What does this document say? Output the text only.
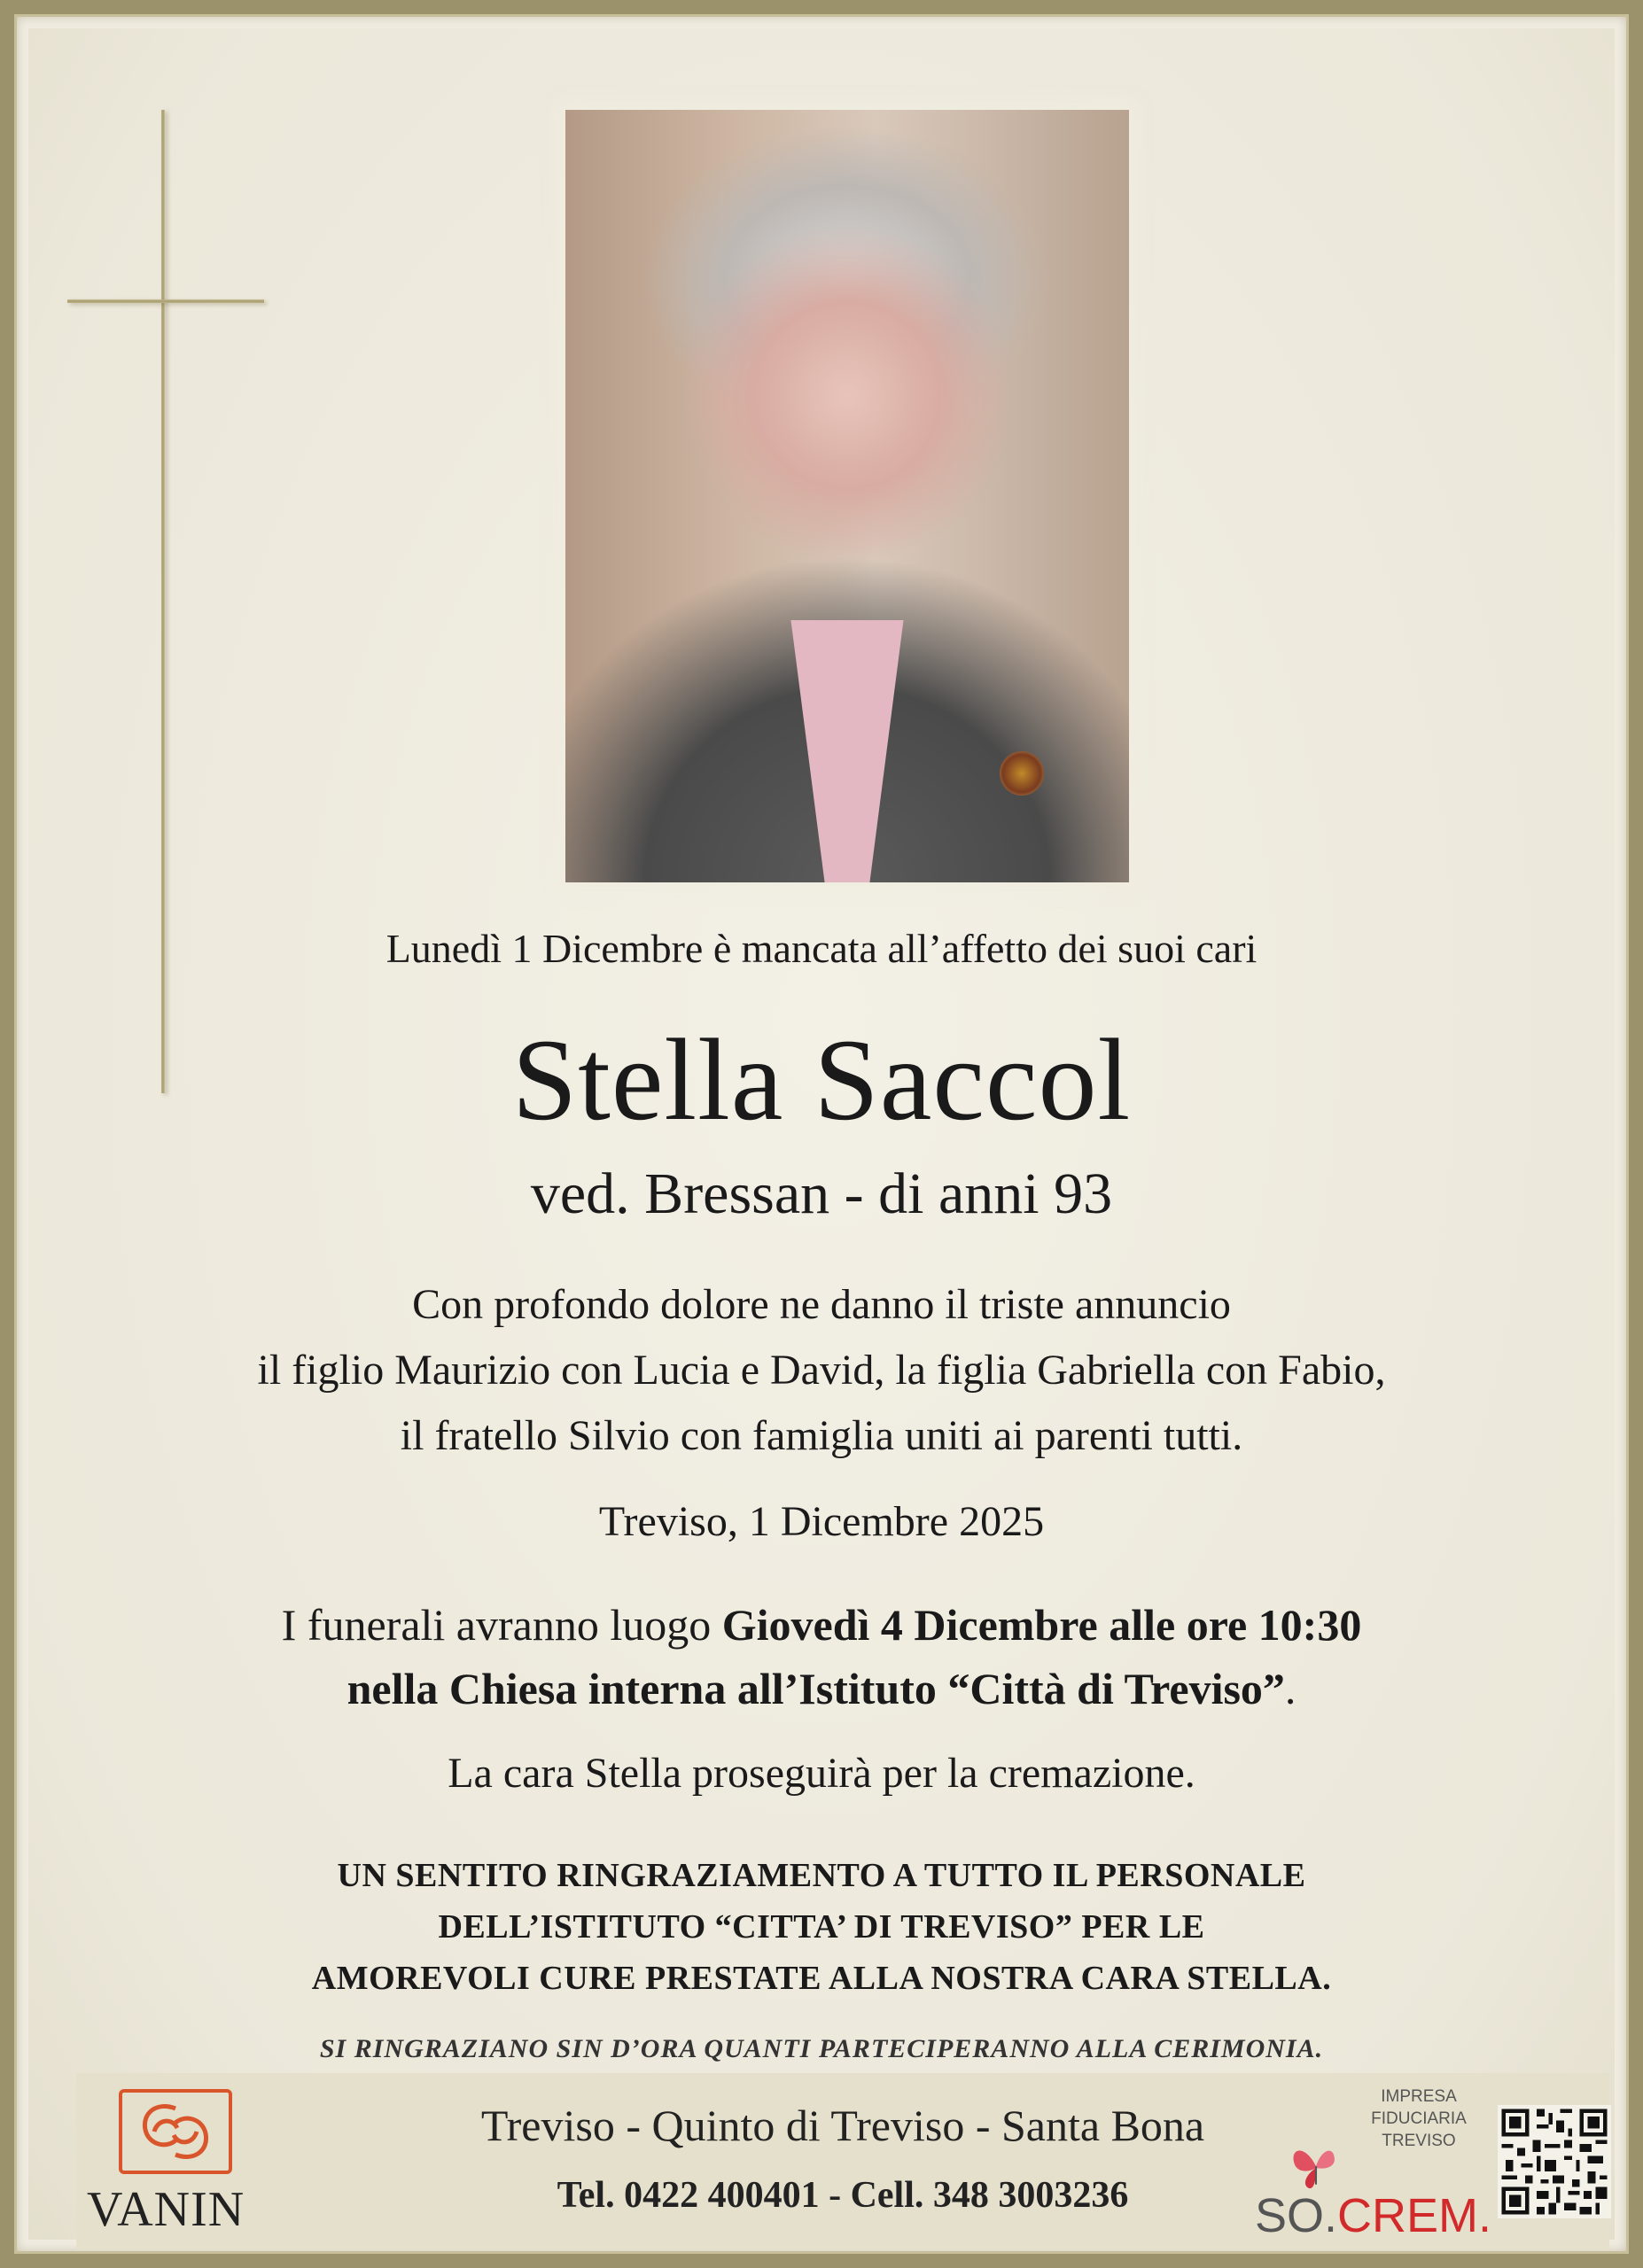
Lunedì 1 Dicembre è mancata all’affetto dei suoi cari

Stella Saccol

ved. Bressan - di anni 93

Con profondo dolore ne danno il triste annuncio
il figlio Maurizio con Lucia e David, la figlia Gabriella con Fabio,
il fratello Silvio con famiglia uniti ai parenti tutti.

Treviso, 1 Dicembre 2025

I funerali avranno luogo Giovedì 4 Dicembre alle ore 10:30
nella Chiesa interna all’Istituto “Città di Treviso”.

La cara Stella proseguirà per la cremazione.

UN SENTITO RINGRAZIAMENTO A TUTTO IL PERSONALE
DELL’ISTITUTO “CITTA’ DI TREVISO” PER LE
AMOREVOLI CURE PRESTATE ALLA NOSTRA CARA STELLA.

SI RINGRAZIANO SIN D’ORA QUANTI PARTECIPERANNO ALLA CERIMONIA.

VANIN
Treviso - Quinto di Treviso - Santa Bona
Tel. 0422 400401 - Cell. 348 3003236
IMPRESA
FIDUCIARIA
TREVISO
SO.CREM.
